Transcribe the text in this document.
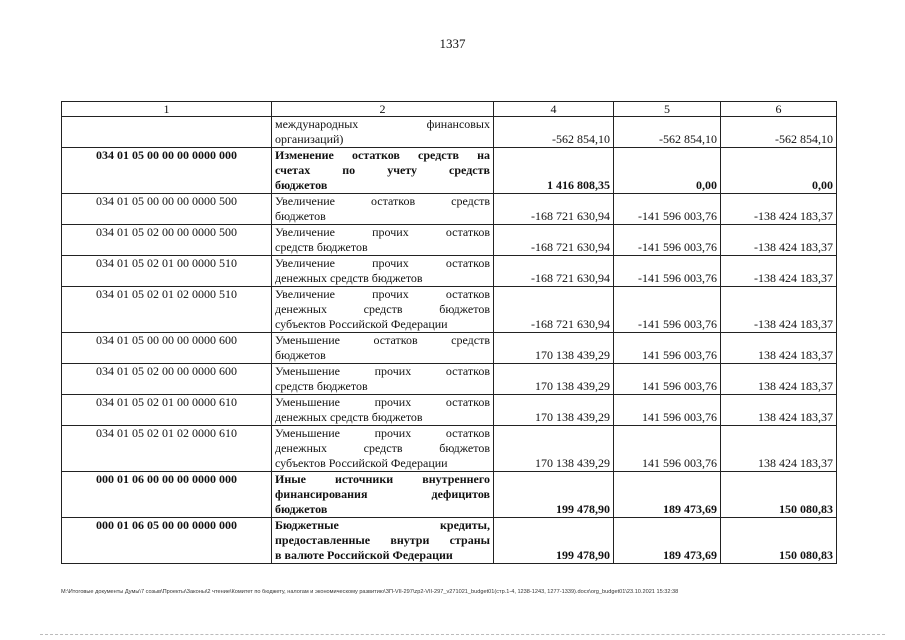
1337
1	2	4	5	6

	международных финансовых
организаций)	-562 854,10	-562 854,10	-562 854,10
034 01 05 00 00 00 0000 000	Изменение остатков средств на
счетах по учету средств
бюджетов	1 416 808,35	0,00	0,00
034 01 05 00 00 00 0000 500	Увеличение остатков средств
бюджетов	-168 721 630,94	-141 596 003,76	-138 424 183,37
034 01 05 02 00 00 0000 500	Увеличение прочих остатков
средств бюджетов	-168 721 630,94	-141 596 003,76	-138 424 183,37
034 01 05 02 01 00 0000 510	Увеличение прочих остатков
денежных средств бюджетов	-168 721 630,94	-141 596 003,76	-138 424 183,37
034 01 05 02 01 02 0000 510	Увеличение прочих остатков
денежных средств бюджетов
субъектов Российской Федерации	-168 721 630,94	-141 596 003,76	-138 424 183,37
034 01 05 00 00 00 0000 600	Уменьшение остатков средств
бюджетов	170 138 439,29	141 596 003,76	138 424 183,37
034 01 05 02 00 00 0000 600	Уменьшение прочих остатков
средств бюджетов	170 138 439,29	141 596 003,76	138 424 183,37
034 01 05 02 01 00 0000 610	Уменьшение прочих остатков
денежных средств бюджетов	170 138 439,29	141 596 003,76	138 424 183,37
034 01 05 02 01 02 0000 610	Уменьшение прочих остатков
денежных средств бюджетов
субъектов Российской Федерации	170 138 439,29	141 596 003,76	138 424 183,37
000 01 06 00 00 00 0000 000	Иные источники внутреннего
финансирования дефицитов
бюджетов	199 478,90	189 473,69	150 080,83
000 01 06 05 00 00 0000 000	Бюджетные кредиты,
предоставленные внутри страны
в валюте Российской Федерации	199 478,90	189 473,69	150 080,83
M:\Итоговые документы Думы\7 созыв\Проекты\Законы\2 чтение\Комитет по бюджету, налогам и экономическому развитию\ЗП-VII-297\zp2-VII-297_v271021_budget01(стр.1-4, 1238-1243, 1277-1339).docx\org_budget01\23.10.2021 15:32:38
